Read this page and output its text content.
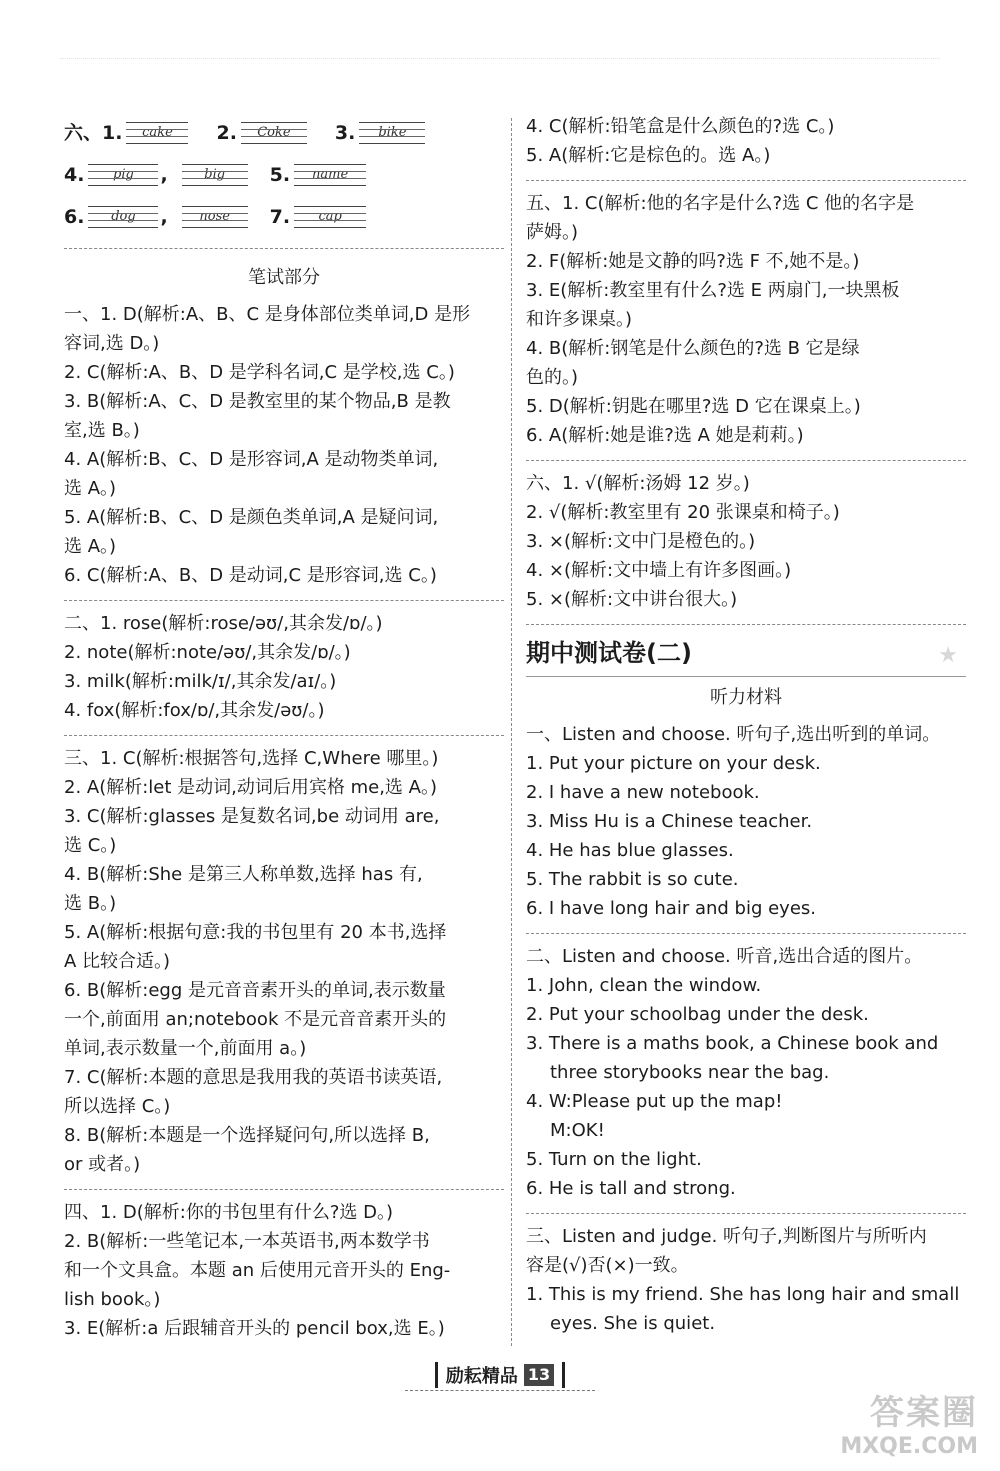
六、 1.	cake	2.	Coke	3.	bike
4.	pig	,	big	5.	name
6.	dog	,	nose	7.	cap
笔试部分
一、1. D(解析:A、B、C 是身体部位类单词,D 是形
容词,选 D。)
2. C(解析:A、B、D 是学科名词,C 是学校,选 C。)
3. B(解析:A、C、D 是教室里的某个物品,B 是教
室,选 B。)
4. A(解析:B、C、D 是形容词,A 是动物类单词,
选 A。)
5. A(解析:B、C、D 是颜色类单词,A 是疑问词,
选 A。)
6. C(解析:A、B、D 是动词,C 是形容词,选 C。)
二、1. rose(解析:rose/əʊ/,其余发/ɒ/。)
2. note(解析:note/əʊ/,其余发/ɒ/。)
3. milk(解析:milk/ɪ/,其余发/aɪ/。)
4. fox(解析:fox/ɒ/,其余发/əʊ/。)
三、1. C(解析:根据答句,选择 C,Where 哪里。)
2. A(解析:let 是动词,动词后用宾格 me,选 A。)
3. C(解析:glasses 是复数名词,be 动词用 are,
选 C。)
4. B(解析:She 是第三人称单数,选择 has 有,
选 B。)
5. A(解析:根据句意:我的书包里有 20 本书,选择
A 比较合适。)
6. B(解析:egg 是元音音素开头的单词,表示数量
一个,前面用 an;notebook 不是元音音素开头的
单词,表示数量一个,前面用 a。)
7. C(解析:本题的意思是我用我的英语书读英语,
所以选择 C。)
8. B(解析:本题是一个选择疑问句,所以选择 B,
or 或者。)
四、1. D(解析:你的书包里有什么?选 D。)
2. B(解析:一些笔记本,一本英语书,两本数学书
和一个文具盒。本题 an 后使用元音开头的 Eng-
lish book。)
3. E(解析:a 后跟辅音开头的 pencil box,选 E。)
4. C(解析:铅笔盒是什么颜色的?选 C。)
5. A(解析:它是棕色的。选 A。)
五、1. C(解析:他的名字是什么?选 C 他的名字是
萨姆。)
2. F(解析:她是文静的吗?选 F 不,她不是。)
3. E(解析:教室里有什么?选 E 两扇门,一块黑板
和许多课桌。)
4. B(解析:钢笔是什么颜色的?选 B 它是绿
色的。)
5. D(解析:钥匙在哪里?选 D 它在课桌上。)
6. A(解析:她是谁?选 A 她是莉莉。)
六、1. √(解析:汤姆 12 岁。)
2. √(解析:教室里有 20 张课桌和椅子。)
3. ×(解析:文中门是橙色的。)
4. ×(解析:文中墙上有许多图画。)
5. ×(解析:文中讲台很大。)
期中测试卷(二)	★
听力材料
一、Listen and choose. 听句子,选出听到的单词。
1. Put your picture on your desk.
2. I have a new notebook.
3. Miss Hu is a Chinese teacher.
4. He has blue glasses.
5. The rabbit is so cute.
6. I have long hair and big eyes.
二、Listen and choose. 听音,选出合适的图片。
1. John, clean the window.
2. Put your schoolbag under the desk.
3. There is a maths book, a Chinese book and
three storybooks near the bag.
4. W:Please put up the map!
M:OK!
5. Turn on the light.
6. He is tall and strong.
三、Listen and judge. 听句子,判断图片与所听内
容是(√)否(×)一致。
1. This is my friend. She has long hair and small
eyes. She is quiet.
励耘精品 13
答案圈
MXQE.COM
